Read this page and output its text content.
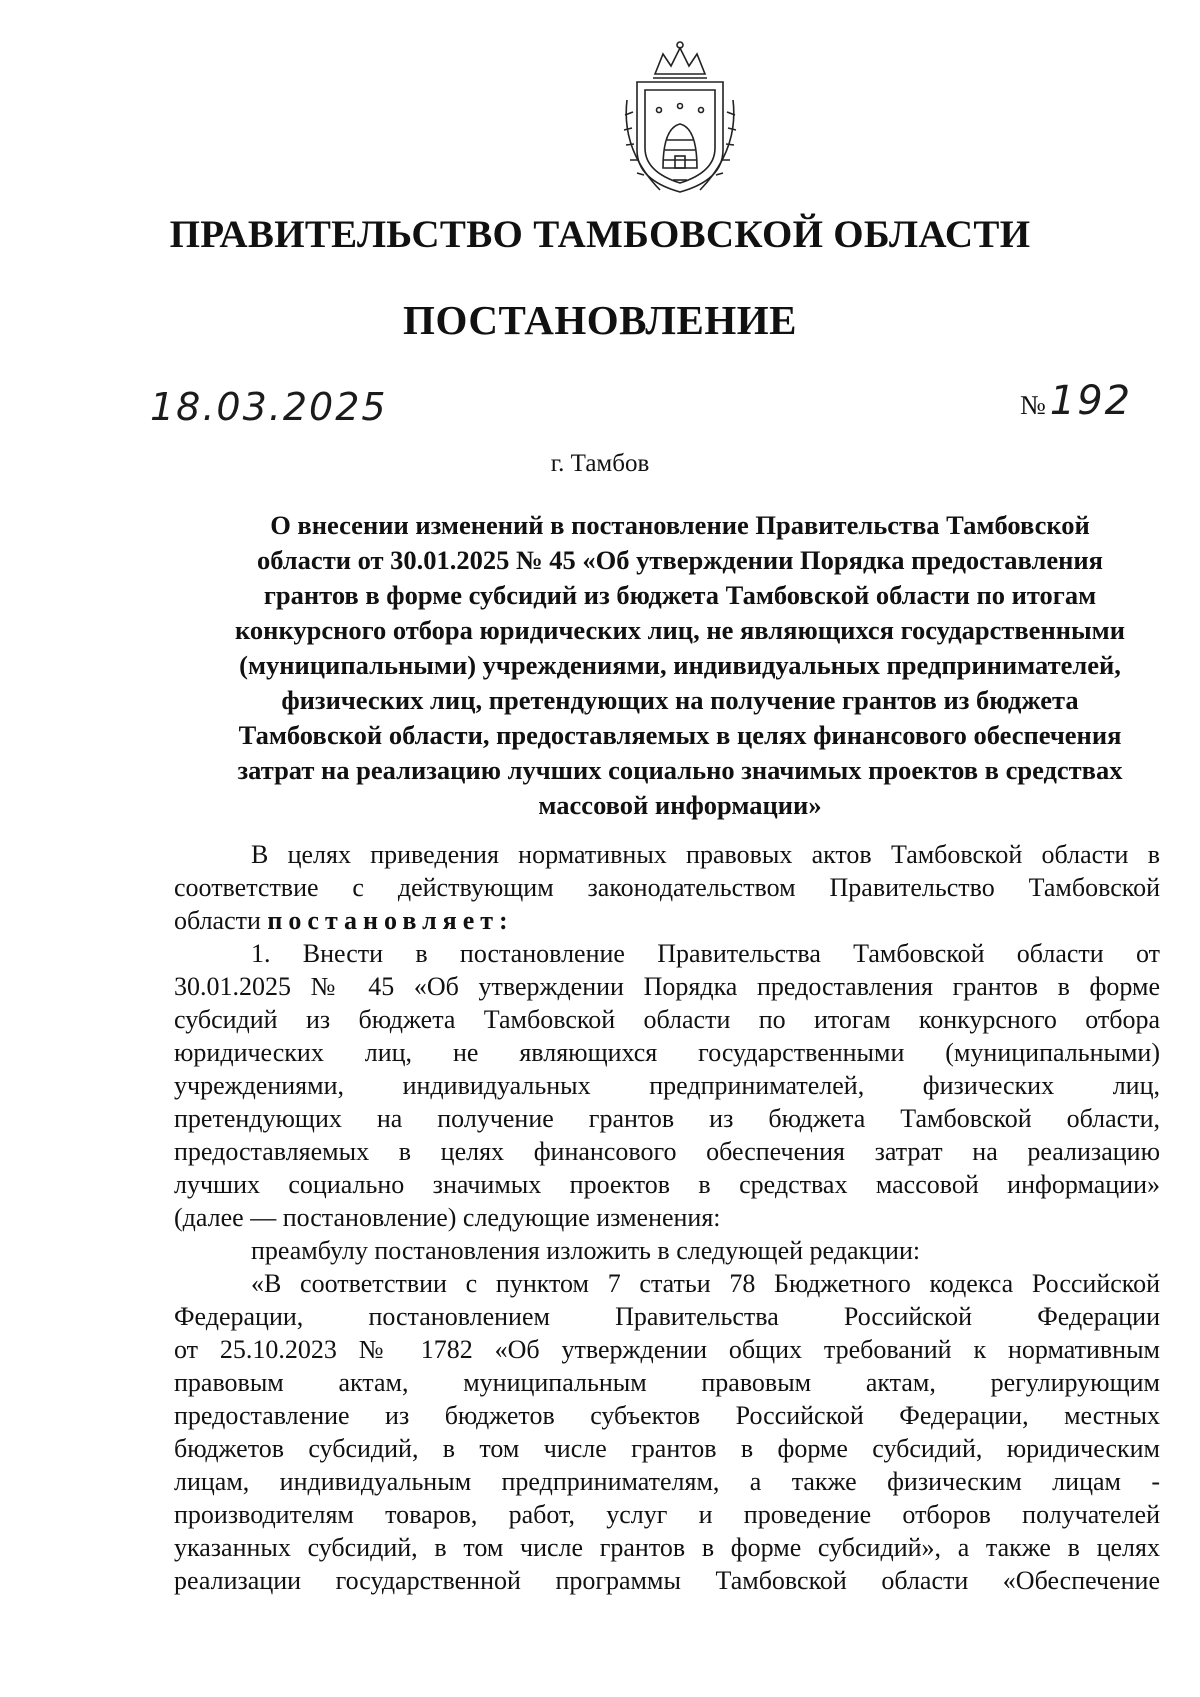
ПРАВИТЕЛЬСТВО ТАМБОВСКОЙ ОБЛАСТИ
ПОСТАНОВЛЕНИЕ
18.03.2025	№ 192
г. Тамбов
О внесении изменений в постановление Правительства Тамбовской
области от 30.01.2025 № 45 «Об утверждении Порядка предоставления
грантов в форме субсидий из бюджета Тамбовской области по итогам
конкурсного отбора юридических лиц, не являющихся государственными
(муниципальными) учреждениями, индивидуальных предпринимателей,
физических лиц, претендующих на получение грантов из бюджета
Тамбовской области, предоставляемых в целях финансового обеспечения
затрат на реализацию лучших социально значимых проектов в средствах
массовой информации»
В целях приведения нормативных правовых актов Тамбовской области в
соответствие с действующим законодательством Правительство Тамбовской
области постановляет:
1. Внести в постановление Правительства Тамбовской области от
30.01.2025 № 45 «Об утверждении Порядка предоставления грантов в форме
субсидий из бюджета Тамбовской области по итогам конкурсного отбора
юридических лиц, не являющихся государственными (муниципальными)
учреждениями, индивидуальных предпринимателей, физических лиц,
претендующих на получение грантов из бюджета Тамбовской области,
предоставляемых в целях финансового обеспечения затрат на реализацию
лучших социально значимых проектов в средствах массовой информации»
(далее — постановление) следующие изменения:
преамбулу постановления изложить в следующей редакции:
«В соответствии с пунктом 7 статьи 78 Бюджетного кодекса Российской
Федерации, постановлением Правительства Российской Федерации
от 25.10.2023 № 1782 «Об утверждении общих требований к нормативным
правовым актам, муниципальным правовым актам, регулирующим
предоставление из бюджетов субъектов Российской Федерации, местных
бюджетов субсидий, в том числе грантов в форме субсидий, юридическим
лицам, индивидуальным предпринимателям, а также физическим лицам -
производителям товаров, работ, услуг и проведение отборов получателей
указанных субсидий, в том числе грантов в форме субсидий», а также в целях
реализации государственной программы Тамбовской области «Обеспечение
